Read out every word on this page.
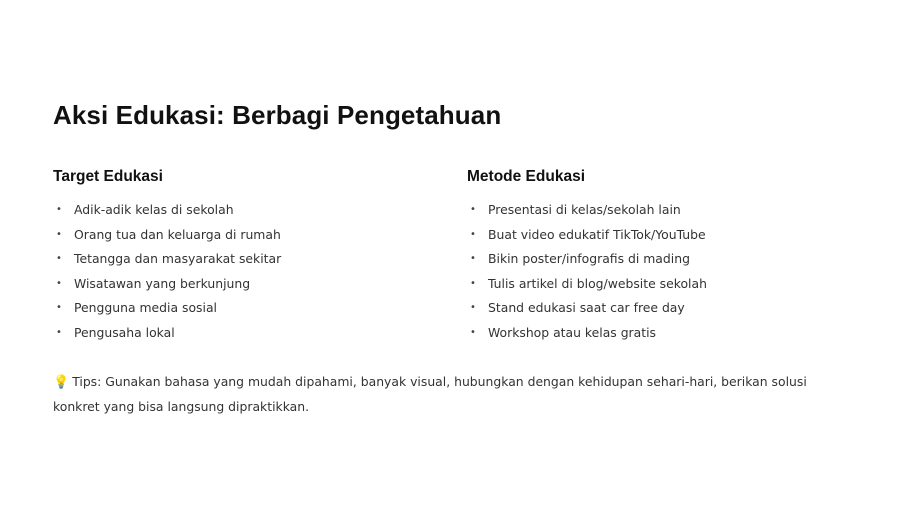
Aksi Edukasi: Berbagi Pengetahuan
Target Edukasi
• Adik-adik kelas di sekolah
• Orang tua dan keluarga di rumah
• Tetangga dan masyarakat sekitar
• Wisatawan yang berkunjung
• Pengguna media sosial
• Pengusaha lokal
Metode Edukasi
• Presentasi di kelas/sekolah lain
• Buat video edukatif TikTok/YouTube
• Bikin poster/infografis di mading
• Tulis artikel di blog/website sekolah
• Stand edukasi saat car free day
• Workshop atau kelas gratis

💡 Tips: Gunakan bahasa yang mudah dipahami, banyak visual, hubungkan dengan kehidupan sehari-hari, berikan solusi konkret yang bisa langsung dipraktikkan.
